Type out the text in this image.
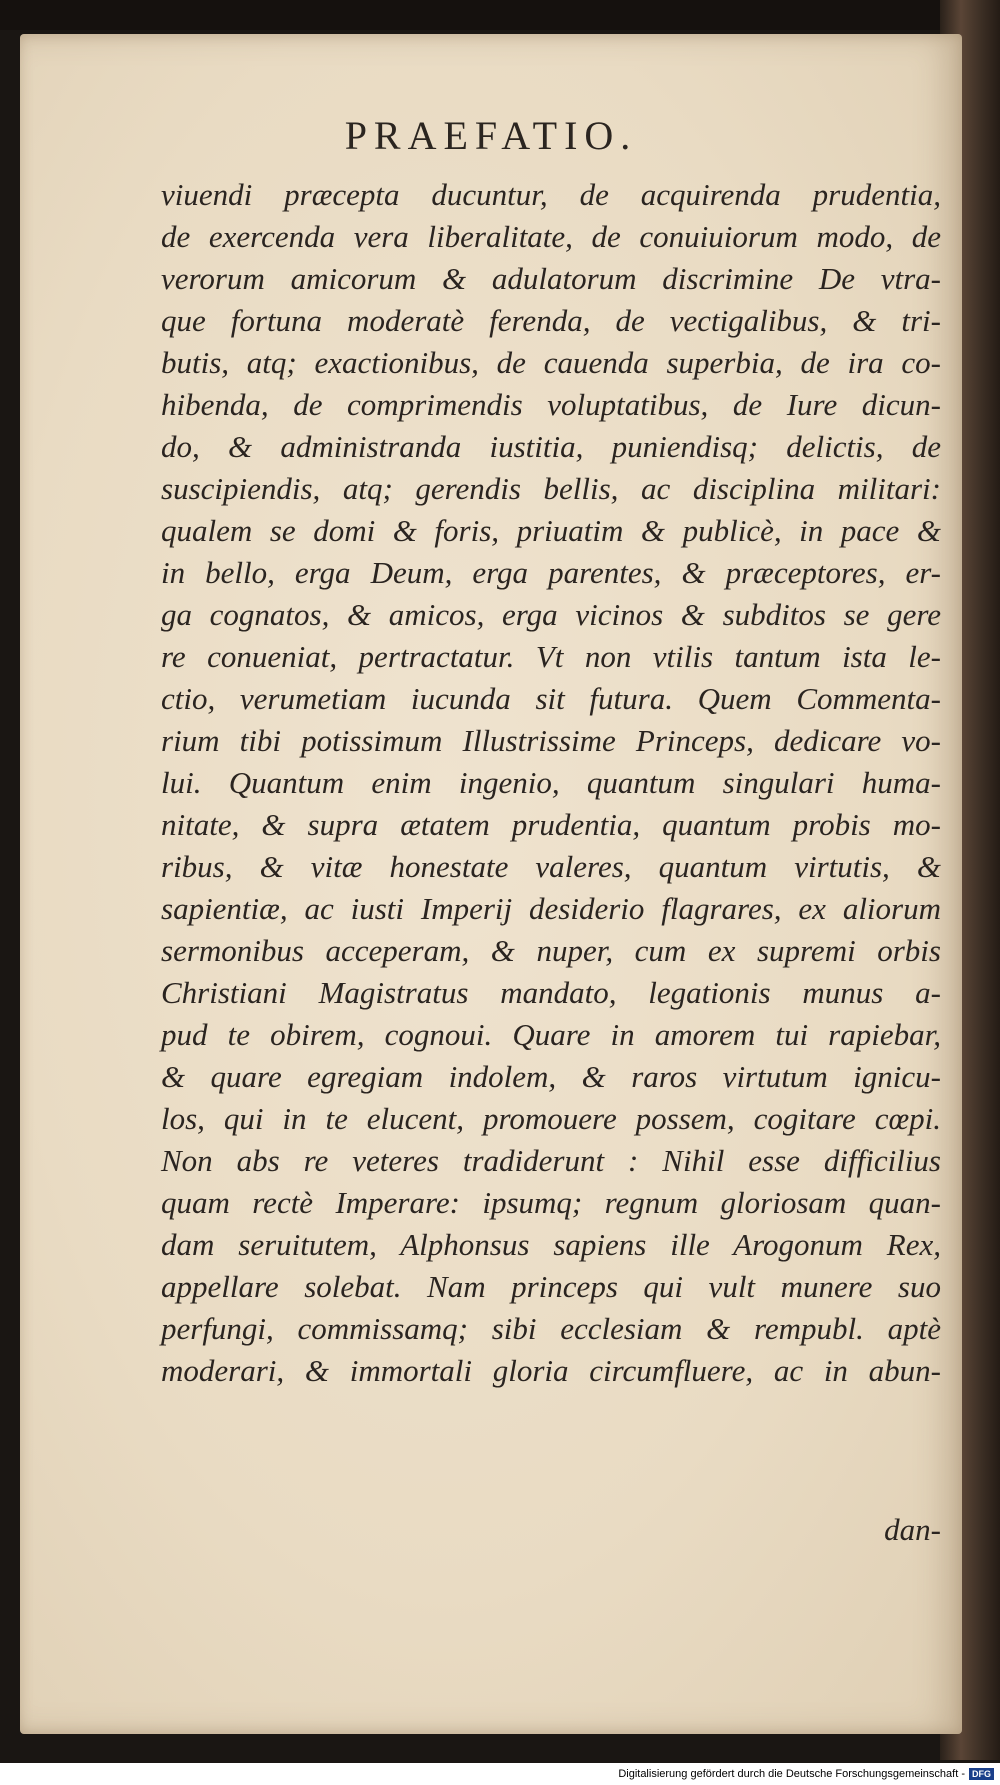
PRAEFATIO.
viuendi præcepta ducuntur, de acquirenda prudentia,
de exercenda vera liberalitate, de conuiuiorum modo, de
verorum amicorum & adulatorum discrimine De vtra-
que fortuna moderatè ferenda, de vectigalibus, & tri-
butis, atq; exactionibus, de cauenda superbia, de ira co-
hibenda, de comprimendis voluptatibus, de Iure dicun-
do, & administranda iustitia, puniendisq; delictis, de
suscipiendis, atq; gerendis bellis, ac disciplina militari:
qualem se domi & foris, priuatim & publicè, in pace &
in bello, erga Deum, erga parentes, & præceptores, er-
ga cognatos, & amicos, erga vicinos & subditos se gere
re conueniat, pertractatur. Vt non vtilis tantum ista le-
ctio, verumetiam iucunda sit futura. Quem Commenta-
rium tibi potissimum Illustrissime Princeps, dedicare vo-
lui. Quantum enim ingenio, quantum singulari huma-
nitate, & supra ætatem prudentia, quantum probis mo-
ribus, & vitæ honestate valeres, quantum virtutis, &
sapientiæ, ac iusti Imperij desiderio flagrares, ex aliorum
sermonibus acceperam, & nuper, cum ex supremi orbis
Christiani Magistratus mandato, legationis munus a-
pud te obirem, cognoui. Quare in amorem tui rapiebar,
& quare egregiam indolem, & raros virtutum ignicu-
los, qui in te elucent, promouere possem, cogitare cœpi.
Non abs re veteres tradiderunt : Nihil esse difficilius
quam rectè Imperare: ipsumq; regnum gloriosam quan-
dam seruitutem, Alphonsus sapiens ille Arogonum Rex,
appellare solebat. Nam princeps qui vult munere suo
perfungi, commissamq; sibi ecclesiam & rempubl. aptè
moderari, & immortali gloria circumfluere, ac in abun-
dan-
Digitalisierung gefördert durch die Deutsche Forschungsgemeinschaft - DFG
